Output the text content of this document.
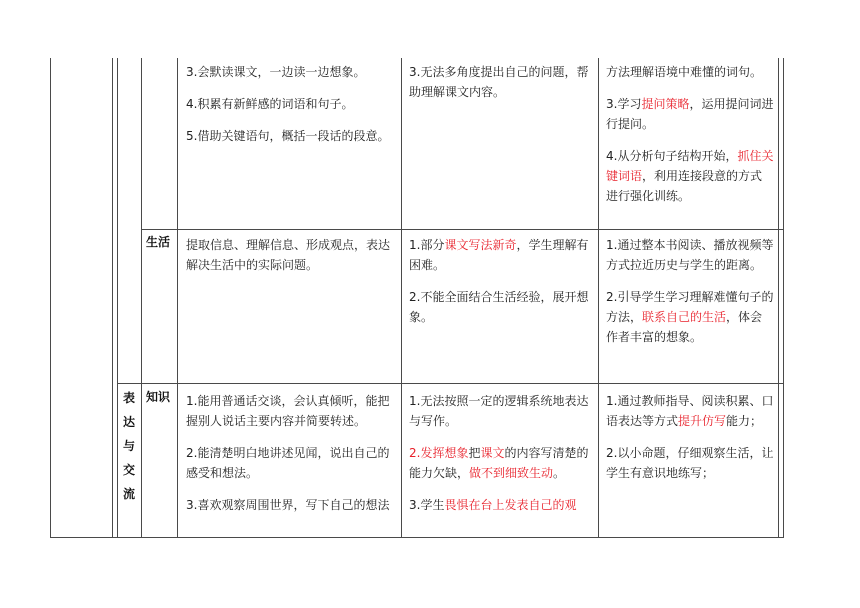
3.会默读课文，一边读一边想象。

4.积累有新鲜感的词语和句子。

5.借助关键语句，概括一段话的段意。

3.无法多角度提出自己的问题，帮助理解课文内容。

方法理解语境中难懂的词句。

3.学习提问策略，运用提问词进行提问。

4.从分析句子结构开始，抓住关键词语，利用连接段意的方式进行强化训练。

生活 提取信息、理解信息、形成观点，表达解决生活中的实际问题。

1.部分课文写法新奇，学生理解有困难。

2.不能全面结合生活经验，展开想象。

1.通过整本书阅读、播放视频等方式拉近历史与学生的距离。

2.引导学生学习理解难懂句子的方法，联系自己的生活，体会作者丰富的想象。

表
达
与
交
流
知识 1.能用普通话交谈，会认真倾听，能把握别人说话主要内容并简要转述。

2.能清楚明白地讲述见闻，说出自己的感受和想法。

3.喜欢观察周围世界，写下自己的想法

1.无法按照一定的逻辑系统地表达与写作。

2.发挥想象把课文的内容写清楚的能力欠缺，做不到细致生动。

3.学生畏惧在台上发表自己的观

1.通过教师指导、阅读积累、口语表达等方式提升仿写能力；

2.以小命题，仔细观察生活，让学生有意识地练写；
